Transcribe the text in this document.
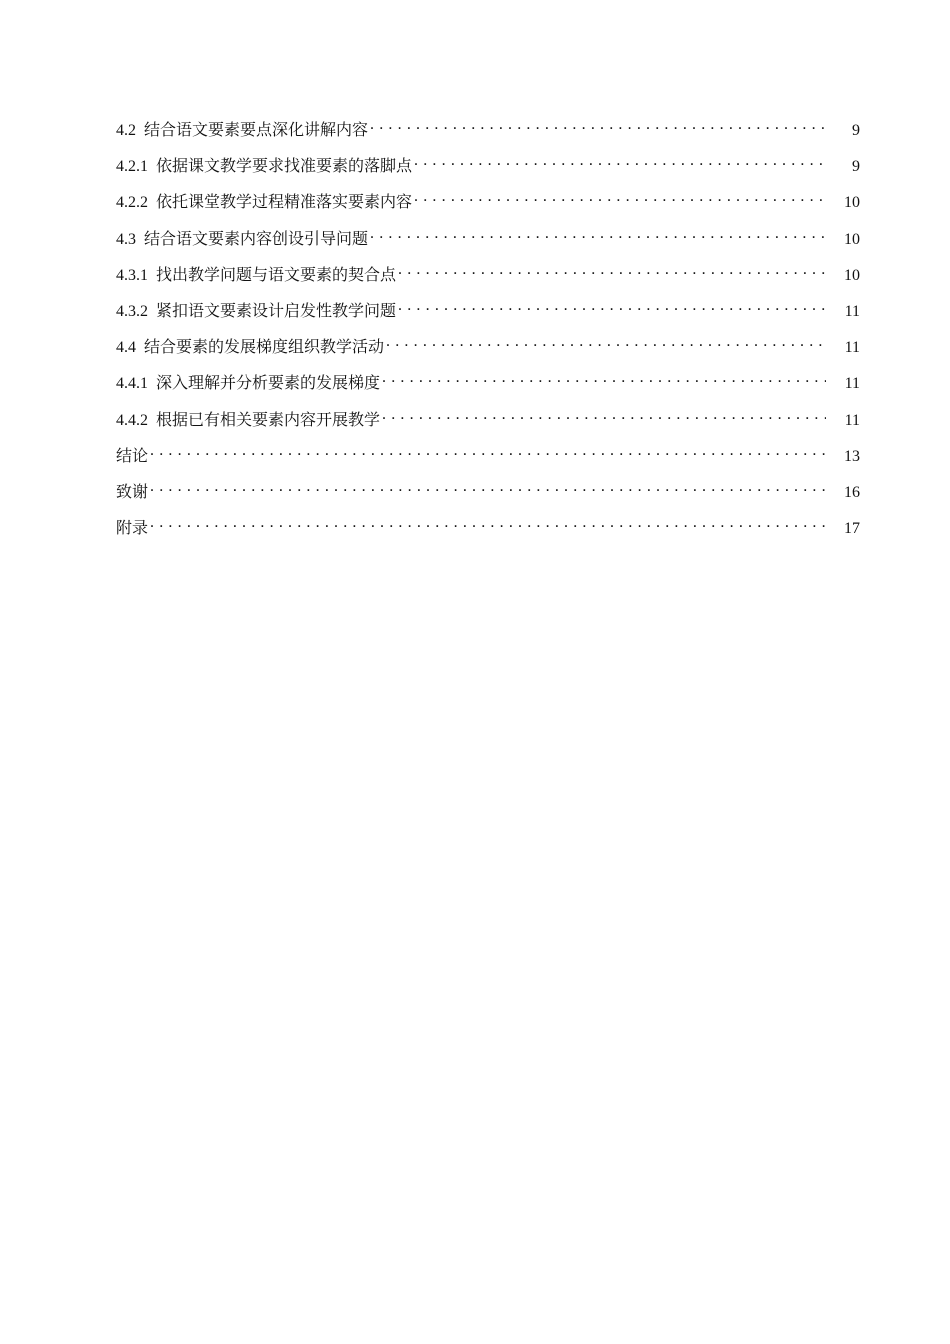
4.2 结合语文要素要点深化讲解内容 . . .	9
4.2.1 依据课文教学要求找准要素的落脚点 . . .	9
4.2.2 依托课堂教学过程精准落实要素内容 . . .	10
4.3 结合语文要素内容创设引导问题 . . .	10
4.3.1 找出教学问题与语文要素的契合点 . . .	10
4.3.2 紧扣语文要素设计启发性教学问题 . . .	11
4.4 结合要素的发展梯度组织教学活动 . . .	11
4.4.1 深入理解并分析要素的发展梯度 . . .	11
4.4.2 根据已有相关要素内容开展教学 . . .	11
结论 . . .	13
致谢 . . .	16
附录 . . .	17
